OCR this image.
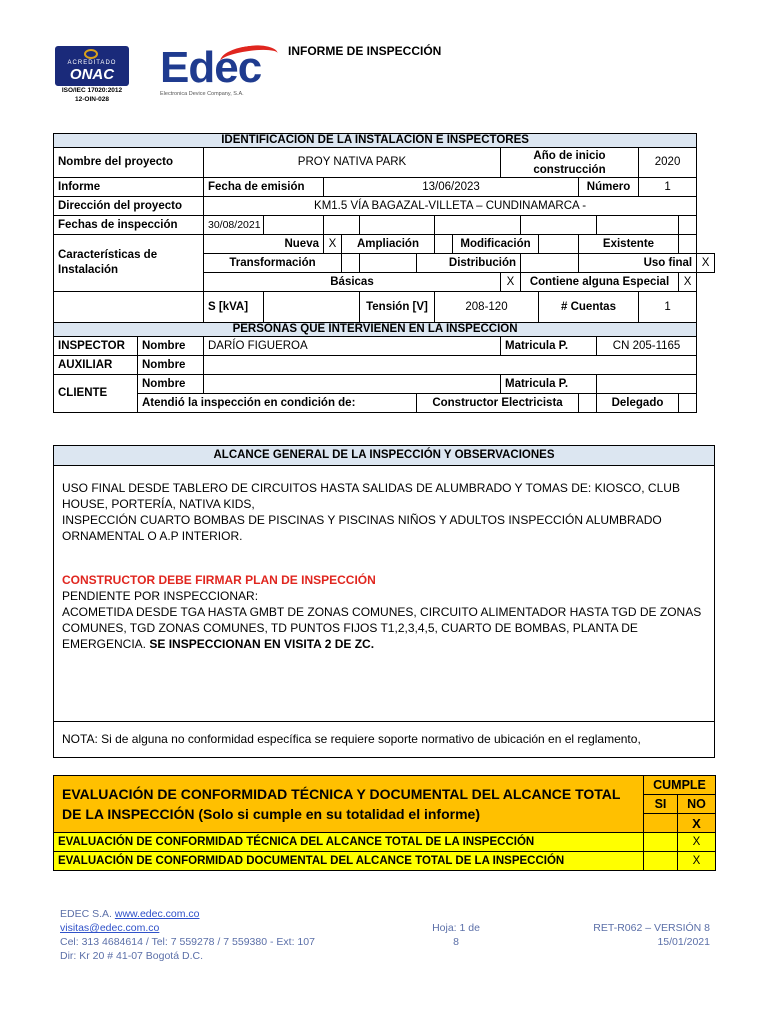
ACREDITADO
ONAC
ISO/IEC 17020:2012
12-OIN-028
Edec
Electronica Device Company, S.A.
INFORME DE INSPECCIÓN
IDENTIFICACIÓN DE LA INSTALACIÓN E INSPECTORES																	
Nombre del proyecto		PROY NATIVA PARK								Año de inicio construcción					2020		
Informe		Fecha de emisión		13/06/2023									Número		1		
Dirección del proyecto		KM1.5 VÍA BAGAZAL-VILLETA – CUNDINAMARCA -															
Fechas de inspección		30/08/2021															
Características de Instalación		Nueva		X	Ampliación				Modificación				Existente				
		Transformación					Distribución						Uso final				X
		Básicas								X	Contiene alguna Especial					X	
		S [kVA]				Tensión [V]		208-120				# Cuentas			1		
PERSONAS QUE INTERVIENEN EN LA INSPECCIÓN																	
INSPECTOR	Nombre	DARÍO FIGUEROA								Matricula P.				CN 205-1165			
AUXILIAR	Nombre																
CLIENTE	Nombre									Matricula P.							
	Atendió la inspección en condición de:						Constructor Electricista							Delegado			
ALCANCE GENERAL DE LA INSPECCIÓN Y OBSERVACIONES

USO FINAL DESDE TABLERO DE CIRCUITOS HASTA SALIDAS DE ALUMBRADO Y TOMAS DE: KIOSCO, CLUB HOUSE, PORTERÍA, NATIVA KIDS,

INSPECCIÓN CUARTO BOMBAS DE PISCINAS Y PISCINAS NIÑOS Y ADULTOS INSPECCIÓN ALUMBRADO ORNAMENTAL O A.P INTERIOR.

CONSTRUCTOR DEBE FIRMAR PLAN DE INSPECCIÓN

PENDIENTE POR INSPECCIONAR:

ACOMETIDA DESDE TGA HASTA GMBT DE ZONAS COMUNES, CIRCUITO ALIMENTADOR HASTA TGD DE ZONAS COMUNES, TGD ZONAS COMUNES, TD PUNTOS FIJOS T1,2,3,4,5, CUARTO DE BOMBAS, PLANTA DE EMERGENCIA. SE INSPECCIONAN EN VISITA 2 DE ZC.

NOTA: Si de alguna no conformidad específica se requiere soporte normativo de ubicación en el reglamento,
EVALUACIÓN DE CONFORMIDAD TÉCNICA Y DOCUMENTAL DEL ALCANCE TOTAL DE LA INSPECCIÓN (Solo si cumple en su totalidad el informe)	CUMPLE	
	SI	NO
		X
EVALUACIÓN DE CONFORMIDAD TÉCNICA DEL ALCANCE TOTAL DE LA INSPECCIÓN		X
EVALUACIÓN DE CONFORMIDAD DOCUMENTAL DEL ALCANCE TOTAL DE LA INSPECCIÓN		X
EDEC S.A. www.edec.com.co
visitas@edec.com.co
Cel: 313 4684614 / Tel: 7 559278 / 7 559380 - Ext: 107
Dir: Kr 20 # 41-07 Bogotá D.C.
Hoja: 1 de
8
RET-R062 – VERSIÓN 8
15/01/2021
